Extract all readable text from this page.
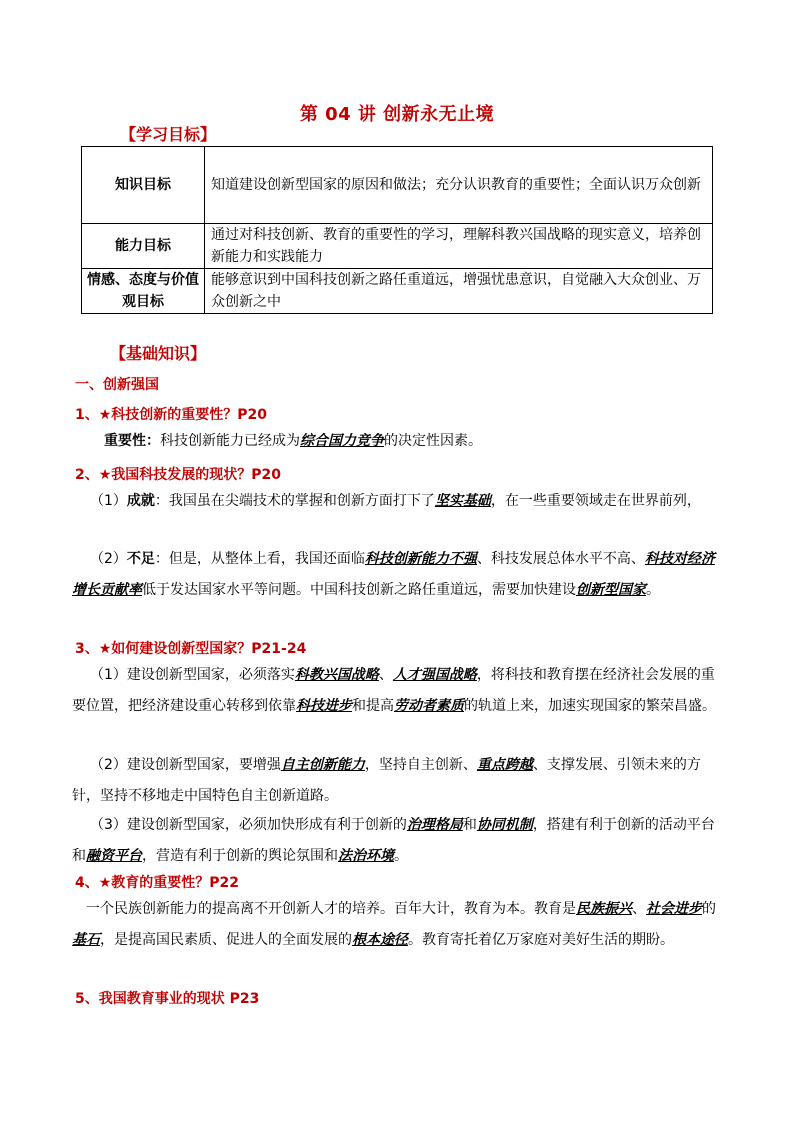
第 04 讲 创新永无止境
【学习目标】
知识目标	知道建设创新型国家的原因和做法；充分认识教育的重要性；全面认识万众创新
能力目标	通过对科技创新、教育的重要性的学习，理解科教兴国战略的现实意义，培养创新能力和实践能力
情感、态度与价值观目标	能够意识到中国科技创新之路任重道远，增强忧患意识，自觉融入大众创业、万众创新之中
【基础知识】
一、创新强国
1、★科技创新的重要性？P20
重要性：科技创新能力已经成为综合国力竞争的决定性因素。
2、★我国科技发展的现状？P20
（1）成就：我国虽在尖端技术的掌握和创新方面打下了坚实基础，在一些重要领域走在世界前列，
（2）不足：但是，从整体上看，我国还面临科技创新能力不强、科技发展总体水平不高、科技对经济增长贡献率低于发达国家水平等问题。中国科技创新之路任重道远，需要加快建设创新型国家。
3、★如何建设创新型国家？P21-24
（1）建设创新型国家，必须落实科教兴国战略、人才强国战略，将科技和教育摆在经济社会发展的重要位置，把经济建设重心转移到依靠科技进步和提高劳动者素质的轨道上来，加速实现国家的繁荣昌盛。
（2）建设创新型国家，要增强自主创新能力，坚持自主创新、重点跨越、支撑发展、引领未来的方针，坚持不移地走中国特色自主创新道路。
（3）建设创新型国家，必须加快形成有利于创新的治理格局和协同机制，搭建有利于创新的活动平台和融资平台，营造有利于创新的舆论氛围和法治环境。
4、★教育的重要性？P22
一个民族创新能力的提高离不开创新人才的培养。百年大计，教育为本。教育是民族振兴、社会进步的基石，是提高国民素质、促进人的全面发展的根本途径。教育寄托着亿万家庭对美好生活的期盼。
5、我国教育事业的现状 P23
